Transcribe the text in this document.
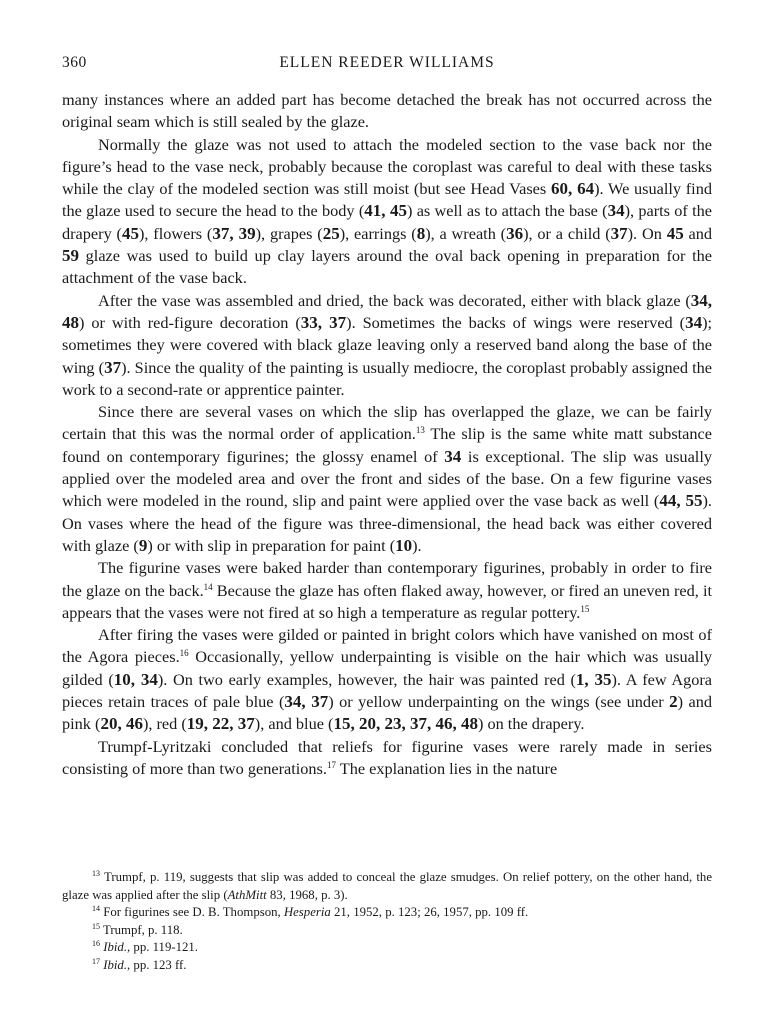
360	ELLEN REEDER WILLIAMS

many instances where an added part has become detached the break has not occurred across the original seam which is still sealed by the glaze.

Normally the glaze was not used to attach the modeled section to the vase back nor the figure’s head to the vase neck, probably because the coroplast was careful to deal with these tasks while the clay of the modeled section was still moist (but see Head Vases 60, 64). We usually find the glaze used to secure the head to the body (41, 45) as well as to attach the base (34), parts of the drapery (45), flowers (37, 39), grapes (25), earrings (8), a wreath (36), or a child (37). On 45 and 59 glaze was used to build up clay layers around the oval back opening in preparation for the attachment of the vase back.

After the vase was assembled and dried, the back was decorated, either with black glaze (34, 48) or with red-figure decoration (33, 37). Sometimes the backs of wings were reserved (34); sometimes they were covered with black glaze leaving only a reserved band along the base of the wing (37). Since the quality of the painting is usually mediocre, the coroplast probably assigned the work to a second-rate or apprentice painter.

Since there are several vases on which the slip has overlapped the glaze, we can be fairly certain that this was the normal order of application.$^{13}$ The slip is the same white matt substance found on contemporary figurines; the glossy enamel of 34 is exceptional. The slip was usually applied over the modeled area and over the front and sides of the base. On a few figurine vases which were modeled in the round, slip and paint were applied over the vase back as well (44, 55). On vases where the head of the figure was three-dimensional, the head back was either covered with glaze (9) or with slip in preparation for paint (10).

The figurine vases were baked harder than contemporary figurines, probably in order to fire the glaze on the back.$^{14}$ Because the glaze has often flaked away, however, or fired an uneven red, it appears that the vases were not fired at so high a temperature as regular pottery.$^{15}$

After firing the vases were gilded or painted in bright colors which have vanished on most of the Agora pieces.$^{16}$ Occasionally, yellow underpainting is visible on the hair which was usually gilded (10, 34). On two early examples, however, the hair was painted red (1, 35). A few Agora pieces retain traces of pale blue (34, 37) or yellow underpainting on the wings (see under 2) and pink (20, 46), red (19, 22, 37), and blue (15, 20, 23, 37, 46, 48) on the drapery.

Trumpf-Lyritzaki concluded that reliefs for figurine vases were rarely made in series consisting of more than two generations.$^{17}$ The explanation lies in the nature

$^{13}$ Trumpf, p. 119, suggests that slip was added to conceal the glaze smudges. On relief pottery, on the other hand, the glaze was applied after the slip (AthMitt 83, 1968, p. 3).

$^{14}$ For figurines see D. B. Thompson, Hesperia 21, 1952, p. 123; 26, 1957, pp. 109 ff.

$^{15}$ Trumpf, p. 118.

$^{16}$ Ibid., pp. 119-121.

$^{17}$ Ibid., pp. 123 ff.
